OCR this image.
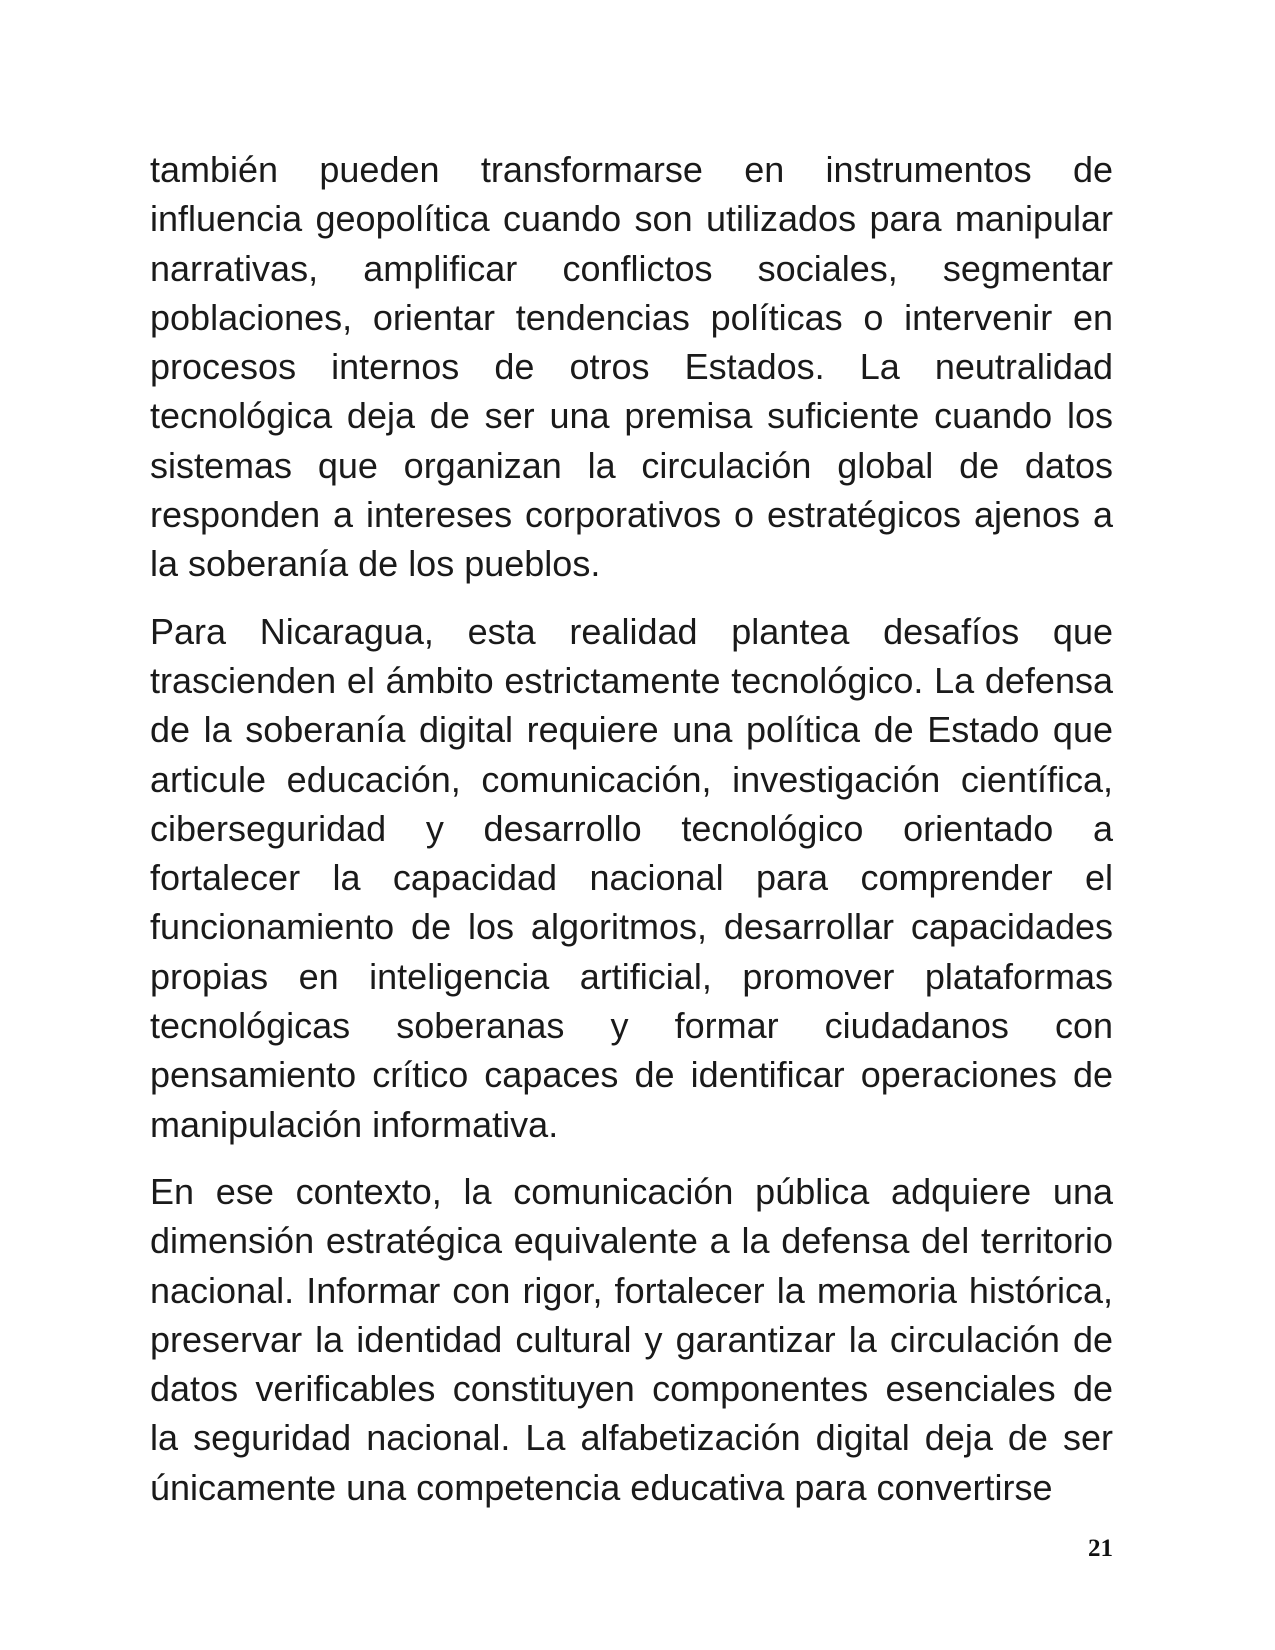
también pueden transformarse en instrumentos de influencia geopolítica cuando son utilizados para manipular narrativas, amplificar conflictos sociales, segmentar poblaciones, orientar tendencias políticas o intervenir en procesos internos de otros Estados. La neutralidad tecnológica deja de ser una premisa suficiente cuando los sistemas que organizan la circulación global de datos responden a intereses corporativos o estratégicos ajenos a la soberanía de los pueblos.

Para Nicaragua, esta realidad plantea desafíos que trascienden el ámbito estrictamente tecnológico. La defensa de la soberanía digital requiere una política de Estado que articule educación, comunicación, investigación científica, ciberseguridad y desarrollo tecnológico orientado a fortalecer la capacidad nacional para comprender el funcionamiento de los algoritmos, desarrollar capacidades propias en inteligencia artificial, promover plataformas tecnológicas soberanas y formar ciudadanos con pensamiento crítico capaces de identificar operaciones de manipulación informativa.

En ese contexto, la comunicación pública adquiere una dimensión estratégica equivalente a la defensa del territorio nacional. Informar con rigor, fortalecer la memoria histórica, preservar la identidad cultural y garantizar la circulación de datos verificables constituyen componentes esenciales de la seguridad nacional. La alfabetización digital deja de ser únicamente una competencia educativa para convertirse

21
